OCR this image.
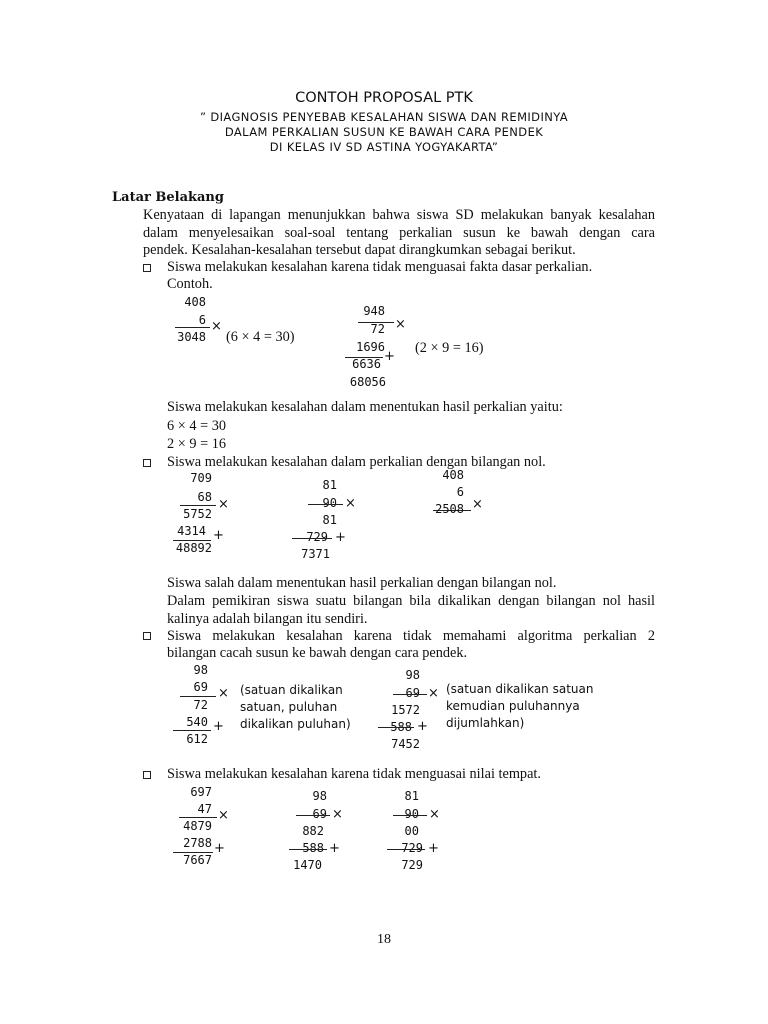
CONTOH PROPOSAL PTK
” DIAGNOSIS PENYEBAB KESALAHAN SISWA DAN REMIDINYA
DALAM PERKALIAN SUSUN KE BAWAH CARA PENDEK
DI KELAS IV SD ASTINA YOGYAKARTA”
Latar Belakang
Kenyataan di lapangan menunjukkan bahwa siswa SD melakukan banyak kesalahan
dalam menyelesaikan soal-soal tentang perkalian susun ke bawah dengan cara
pendek. Kesalahan-kesalahan tersebut dapat dirangkumkan sebagai berikut.
Siswa melakukan kesalahan karena tidak menguasai fakta dasar perkalian.
Contoh.
408
6 ×
3048 (6 × 4 = 30)
948
72 ×
1696
6636 +
68056
(2 × 9 = 16)
Siswa melakukan kesalahan dalam menentukan hasil perkalian yaitu:
6 × 4 = 30
2 × 9 = 16
Siswa melakukan kesalahan dalam perkalian dengan bilangan nol.
709
68 ×
5752
4314 +
48892
81
90 ×
81
729 +
7371
408
6
×
2508
Siswa salah dalam menentukan hasil perkalian dengan bilangan nol.
Dalam pemikiran siswa suatu bilangan bila dikalikan dengan bilangan nol hasil
kalinya adalah bilangan itu sendiri.
Siswa melakukan kesalahan karena tidak memahami algoritma perkalian 2
bilangan cacah susun ke bawah dengan cara pendek.
98
69 ×
72
540 +
612
(satuan dikalikan
satuan, puluhan
dikalikan puluhan)
98
69 ×
1572
588 +
7452
(satuan dikalikan satuan
kemudian puluhannya
dijumlahkan)
Siswa melakukan kesalahan karena tidak menguasai nilai tempat.
697
47 ×
4879
2788 +
7667
98
69 ×
882
588 +
1470
81
90 ×
00
729 +
729
18
